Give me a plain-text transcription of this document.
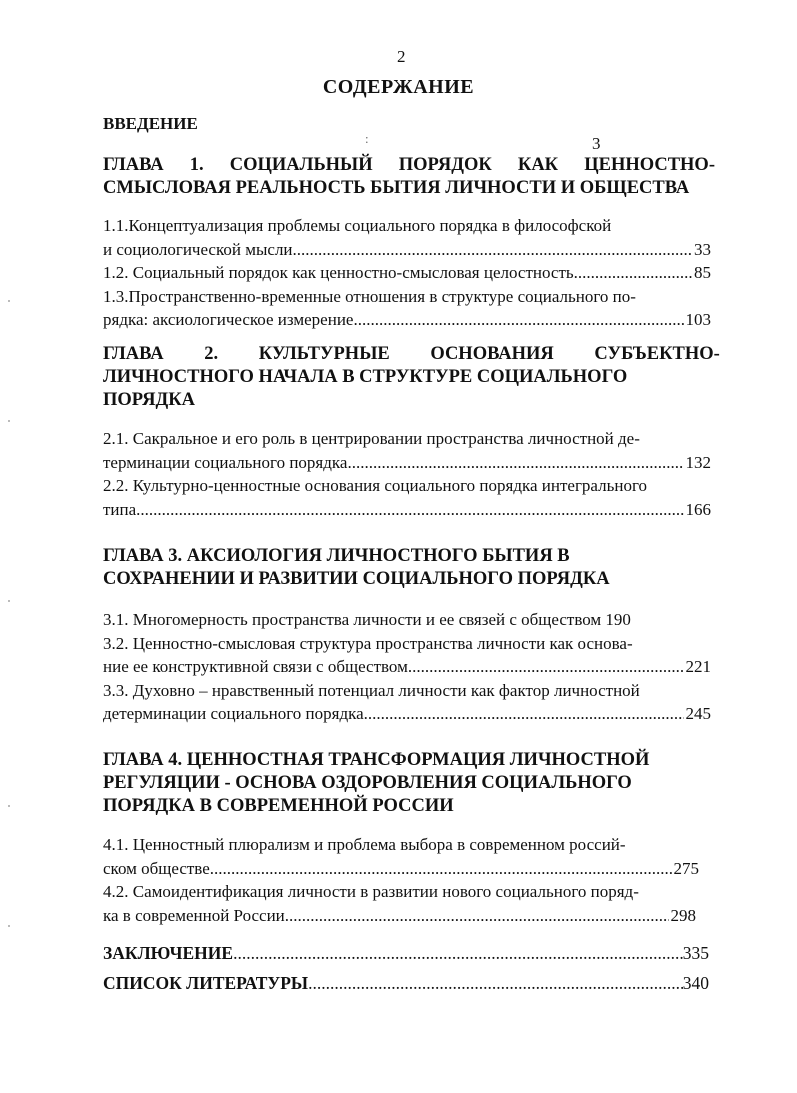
2
СОДЕРЖАНИЕ
ВВЕДЕНИЕ
:	3
ГЛАВА 1. СОЦИАЛЬНЫЙ ПОРЯДОК КАК ЦЕННОСТНО-
СМЫСЛОВАЯ РЕАЛЬНОСТЬ БЫТИЯ ЛИЧНОСТИ И ОБЩЕСТВА
1.1.Концептуализация проблемы социального порядка в философской
и социологической мысли .....	33
1.2. Социальный порядок как ценностно-смысловая целостность .....	85
1.3.Пространственно-временные отношения в структуре социального по-
рядка: аксиологическое измерение .....	103
ГЛАВА 2. КУЛЬТУРНЫЕ ОСНОВАНИЯ СУБЪЕКТНО-
ЛИЧНОСТНОГО НАЧАЛА В СТРУКТУРЕ СОЦИАЛЬНОГО
ПОРЯДКА
2.1. Сакральное и его роль в центрировании пространства личностной де-
терминации социального порядка .....	132
2.2. Культурно-ценностные основания социального порядка интегрального
типа .....	166
ГЛАВА 3. АКСИОЛОГИЯ ЛИЧНОСТНОГО БЫТИЯ В
СОХРАНЕНИИ И РАЗВИТИИ СОЦИАЛЬНОГО ПОРЯДКА
3.1. Многомерность пространства личности и ее связей с обществом 190
3.2. Ценностно-смысловая структура пространства личности как основа-
ние ее конструктивной связи с обществом .....	221
3.3. Духовно – нравственный потенциал личности как фактор личностной
детерминации социального порядка .....	245
ГЛАВА 4. ЦЕННОСТНАЯ ТРАНСФОРМАЦИЯ ЛИЧНОСТНОЙ
РЕГУЛЯЦИИ - ОСНОВА ОЗДОРОВЛЕНИЯ СОЦИАЛЬНОГО
ПОРЯДКА В СОВРЕМЕННОЙ РОССИИ
4.1. Ценностный плюрализм и проблема выбора в современном россий-
ском обществе .....	275
4.2. Самоидентификация личности в развитии нового социального поряд-
ка в современной России .....	298
ЗАКЛЮЧЕНИЕ .....	335
СПИСОК ЛИТЕРАТУРЫ .....	340
